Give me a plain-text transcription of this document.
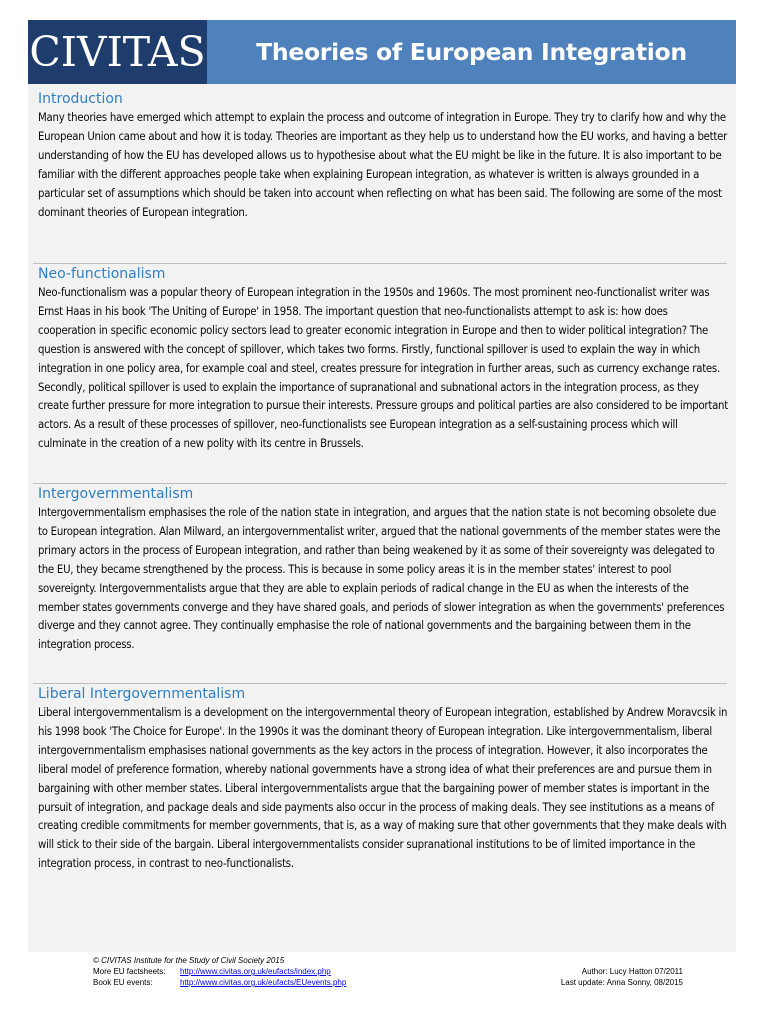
CIVITAS Theories of European Integration
Introduction

Many theories have emerged which attempt to explain the process and outcome of integration in Europe. They try to clarify how and why the European Union came about and how it is today. Theories are important as they help us to understand how the EU works, and having a better understanding of how the EU has developed allows us to hypothesise about what the EU might be like in the future. It is also important to be familiar with the different approaches people take when explaining European integration, as whatever is written is always grounded in a particular set of assumptions which should be taken into account when reflecting on what has been said. The following are some of the most dominant theories of European integration.

Neo-functionalism

Neo-functionalism was a popular theory of European integration in the 1950s and 1960s. The most prominent neo-functionalist writer was Ernst Haas in his book 'The Uniting of Europe' in 1958. The important question that neo-functionalists attempt to ask is: how does cooperation in specific economic policy sectors lead to greater economic integration in Europe and then to wider political integration? The question is answered with the concept of spillover, which takes two forms. Firstly, functional spillover is used to explain the way in which integration in one policy area, for example coal and steel, creates pressure for integration in further areas, such as currency exchange rates. Secondly, political spillover is used to explain the importance of supranational and subnational actors in the integration process, as they create further pressure for more integration to pursue their interests. Pressure groups and political parties are also considered to be important actors. As a result of these processes of spillover, neo-functionalists see European integration as a self-sustaining process which will culminate in the creation of a new polity with its centre in Brussels.

Intergovernmentalism

Intergovernmentalism emphasises the role of the nation state in integration, and argues that the nation state is not becoming obsolete due to European integration. Alan Milward, an intergovernmentalist writer, argued that the national governments of the member states were the primary actors in the process of European integration, and rather than being weakened by it as some of their sovereignty was delegated to the EU, they became strengthened by the process. This is because in some policy areas it is in the member states' interest to pool sovereignty. Intergovernmentalists argue that they are able to explain periods of radical change in the EU as when the interests of the member states governments converge and they have shared goals, and periods of slower integration as when the governments' preferences diverge and they cannot agree. They continually emphasise the role of national governments and the bargaining between them in the integration process.

Liberal Intergovernmentalism

Liberal intergovernmentalism is a development on the intergovernmental theory of European integration, established by Andrew Moravcsik in his 1998 book 'The Choice for Europe'. In the 1990s it was the dominant theory of European integration. Like intergovernmentalism, liberal intergovernmentalism emphasises national governments as the key actors in the process of integration. However, it also incorporates the liberal model of preference formation, whereby national governments have a strong idea of what their preferences are and pursue them in bargaining with other member states. Liberal intergovernmentalists argue that the bargaining power of member states is important in the pursuit of integration, and package deals and side payments also occur in the process of making deals. They see institutions as a means of creating credible commitments for member governments, that is, as a way of making sure that other governments that they make deals with will stick to their side of the bargain. Liberal intergovernmentalists consider supranational institutions to be of limited importance in the integration process, in contrast to neo-functionalists.

© CIVITAS Institute for the Study of Civil Society 2015
More EU factsheets: http://www.civitas.org.uk/eufacts/index.php	Author: Lucy Hatton 07/2011
Book EU events:	http://www.civitas.org.uk/eufacts/EUevents.php	Last update: Anna Sonny, 08/2015
